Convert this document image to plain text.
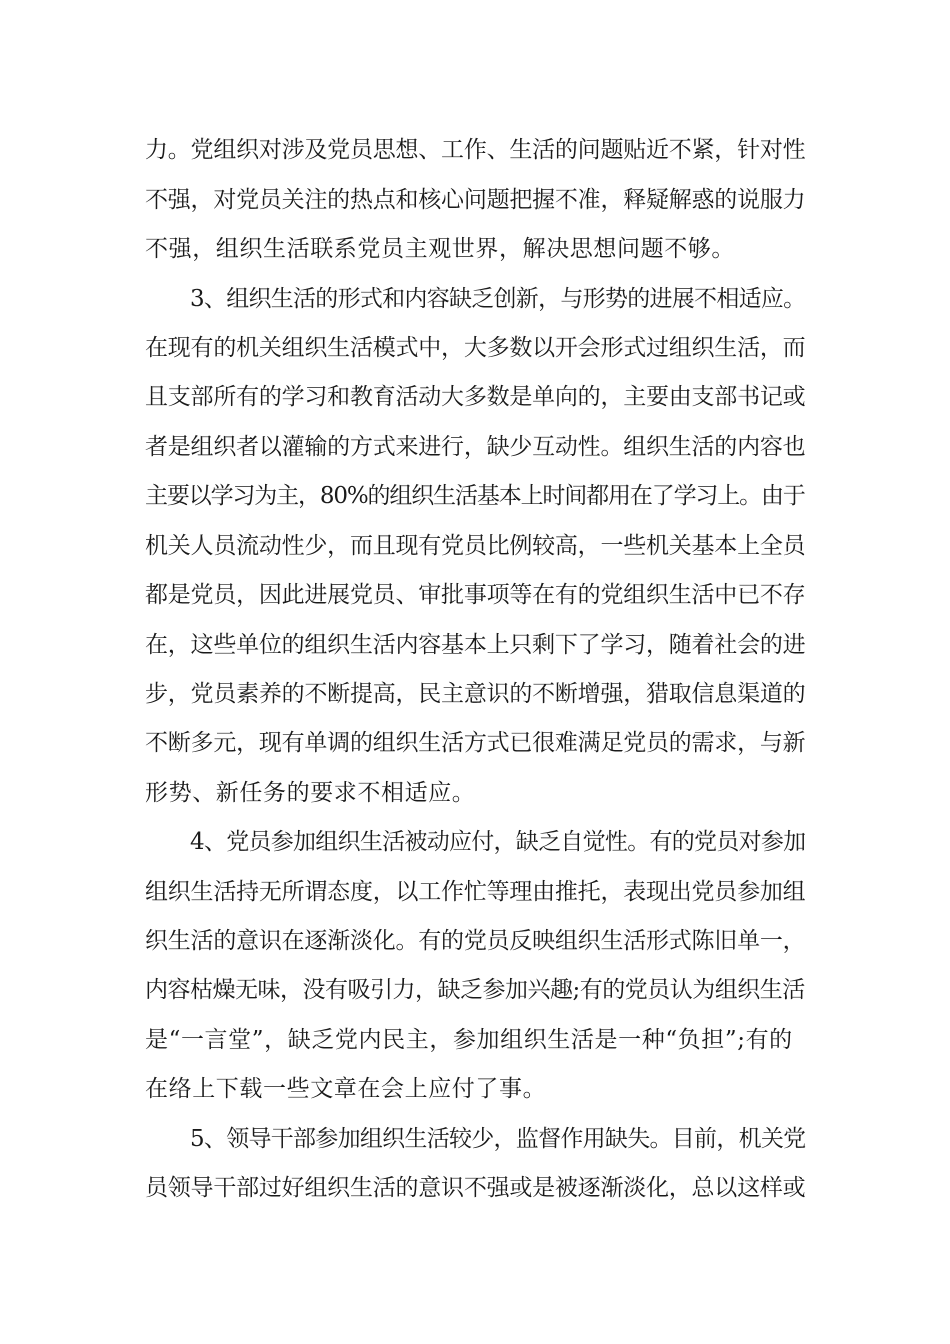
力。党组织对涉及党员思想、工作、生活的问题贴近不紧，针对性
不强，对党员关注的热点和核心问题把握不准，释疑解惑的说服力
不强，组织生活联系党员主观世界，解决思想问题不够。
3、组织生活的形式和内容缺乏创新，与形势的进展不相适应。
在现有的机关组织生活模式中，大多数以开会形式过组织生活，而
且支部所有的学习和教育活动大多数是单向的，主要由支部书记或
者是组织者以灌输的方式来进行，缺少互动性。组织生活的内容也
主要以学习为主，80%的组织生活基本上时间都用在了学习上。由于
机关人员流动性少，而且现有党员比例较高，一些机关基本上全员
都是党员，因此进展党员、审批事项等在有的党组织生活中已不存
在，这些单位的组织生活内容基本上只剩下了学习，随着社会的进
步，党员素养的不断提高，民主意识的不断增强，猎取信息渠道的
不断多元，现有单调的组织生活方式已很难满足党员的需求，与新
形势、新任务的要求不相适应。
4、党员参加组织生活被动应付，缺乏自觉性。有的党员对参加
组织生活持无所谓态度，以工作忙等理由推托，表现出党员参加组
织生活的意识在逐渐淡化。有的党员反映组织生活形式陈旧单一，
内容枯燥无味，没有吸引力，缺乏参加兴趣;有的党员认为组织生活
是“一言堂”，缺乏党内民主，参加组织生活是一种“负担”;有的
在络上下载一些文章在会上应付了事。
5、领导干部参加组织生活较少，监督作用缺失。目前，机关党
员领导干部过好组织生活的意识不强或是被逐渐淡化，总以这样或
